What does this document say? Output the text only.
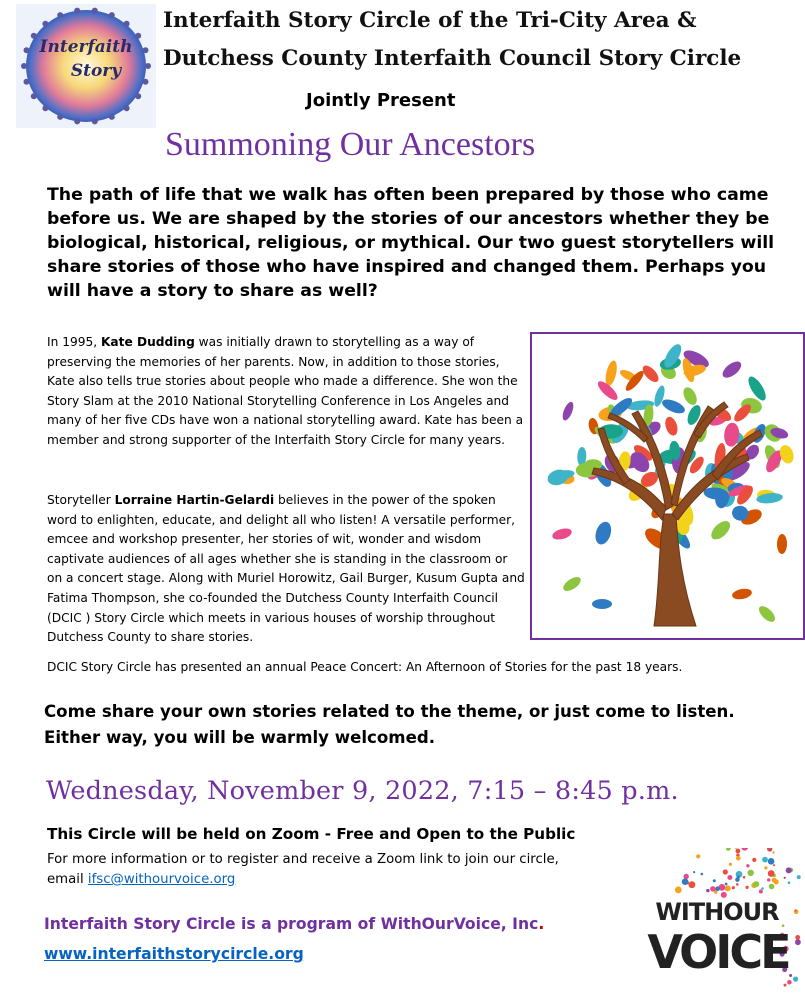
Interfaith
Story
Interfaith Story Circle of the Tri-City Area &
Dutchess County Interfaith Council Story Circle
Jointly Present
Summoning Our Ancestors
The path of life that we walk has often been prepared by those who came before us. We are shaped by the stories of our ancestors whether they be biological, historical, religious, or mythical. Our two guest storytellers will share stories of those who have inspired and changed them. Perhaps you will have a story to share as well?
In 1995, Kate Dudding was initially drawn to storytelling as a way of preserving the memories of her parents. Now, in addition to those stories, Kate also tells true stories about people who made a difference. She won the Story Slam at the 2010 National Storytelling Conference in Los Angeles and many of her five CDs have won a national storytelling award. Kate has been a member and strong supporter of the Interfaith Story Circle for many years.
Storyteller Lorraine Hartin-Gelardi believes in the power of the spoken word to enlighten, educate, and delight all who listen! A versatile performer, emcee and workshop presenter, her stories of wit, wonder and wisdom captivate audiences of all ages whether she is standing in the classroom or on a concert stage. Along with Muriel Horowitz, Gail Burger, Kusum Gupta and Fatima Thompson, she co-founded the Dutchess County Interfaith Council (DCIC ) Story Circle which meets in various houses of worship throughout Dutchess County to share stories.
DCIC Story Circle has presented an annual Peace Concert: An Afternoon of Stories for the past 18 years.
Come share your own stories related to the theme, or just come to listen.
Either way, you will be warmly welcomed.
Wednesday, November 9, 2022, 7:15 – 8:45 p.m.
This Circle will be held on Zoom - Free and Open to the Public
For more information or to register and receive a Zoom link to join our circle,
email ifsc@withourvoice.org
Interfaith Story Circle is a program of WithOurVoice, Inc.
www.interfaithstorycircle.org
WITHOUR
VOICE
